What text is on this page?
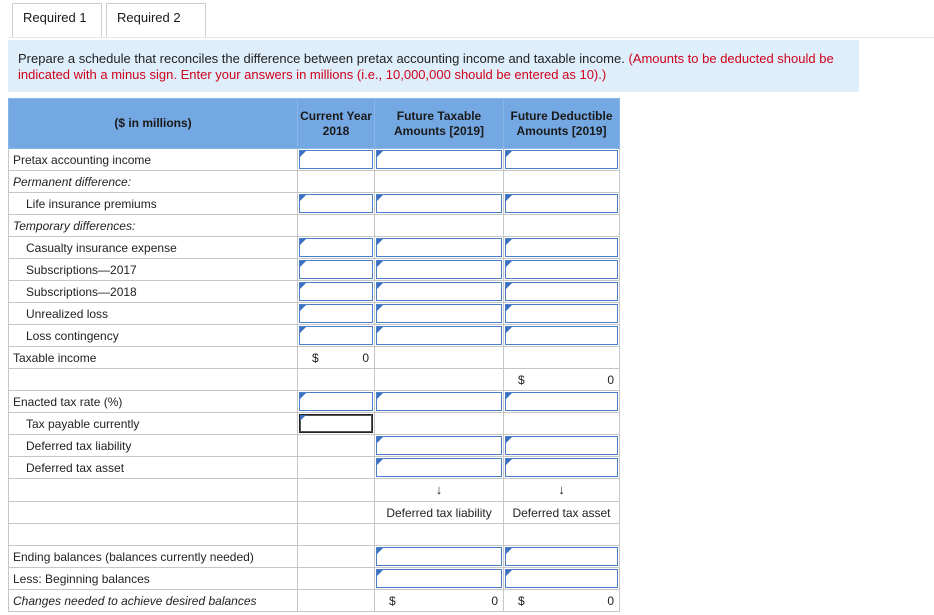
Required 1	Required 2
Prepare a schedule that reconciles the difference between pretax accounting income and taxable income. (Amounts to be deducted should be indicated with a minus sign. Enter your answers in millions (i.e., 10,000,000 should be entered as 10).)
($ in millions)	Current Year 2018	Future Taxable Amounts [2019]	Future Deductible Amounts [2019]
Pretax accounting income	

Permanent difference:			
Life insurance premiums	

Temporary differences:			
Casualty insurance expense	

Subscriptions—2017	

Subscriptions—2018	

Unrealized loss	

Loss contingency	

Taxable income	$ 0		

			$ 0

Enacted tax rate (%)	

Tax payable currently	

Deferred tax liability		

Deferred tax asset		

		↓	↓

		Deferred tax liability	Deferred tax asset

Ending balances (balances currently needed)		

Less: Beginning balances		

Changes needed to achieve desired balances		$ 0	$ 0
